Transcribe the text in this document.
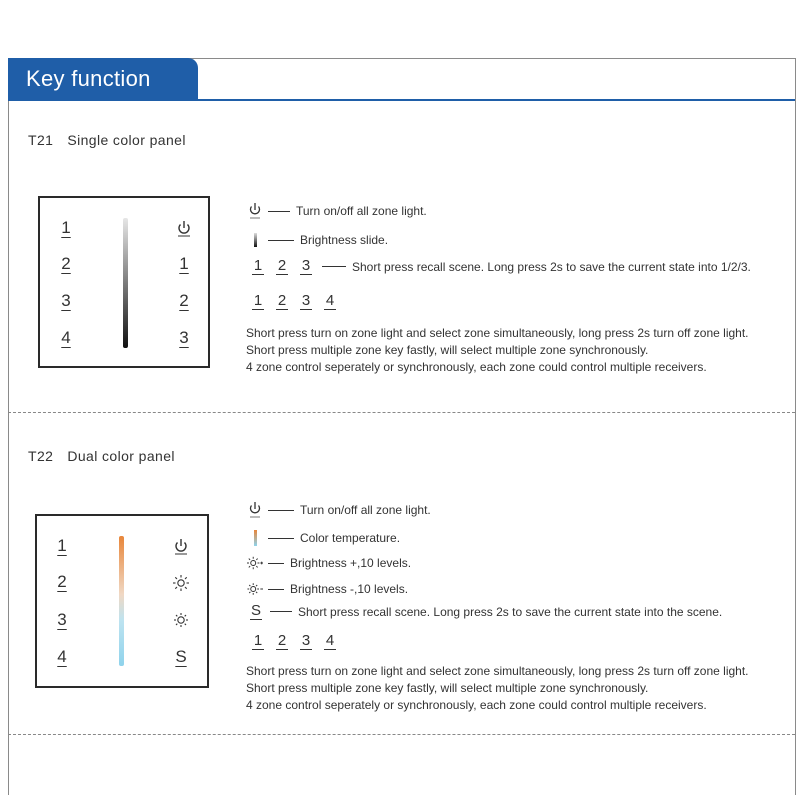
Key function
T21 Single color panel
1
2
3
4
1
2
3
Turn on/off all zone light.
Brightness slide.
1 2 3	Short press recall scene. Long press 2s to save the current state into 1/2/3.
1 2 3 4
Short press turn on zone light and select zone simultaneously, long press 2s turn off zone light.
Short press multiple zone key fastly, will select multiple zone synchronously.
4 zone control seperately or synchronously, each zone could control multiple receivers.
T22 Dual color panel
1
2
3
4	S
Turn on/off all zone light.
Color temperature.
Brightness +,10 levels.
Brightness -,10 levels.
S	Short press recall scene. Long press 2s to save the current state into the scene.
1 2 3 4
Short press turn on zone light and select zone simultaneously, long press 2s turn off zone light.
Short press multiple zone key fastly, will select multiple zone synchronously.
4 zone control seperately or synchronously, each zone could control multiple receivers.
